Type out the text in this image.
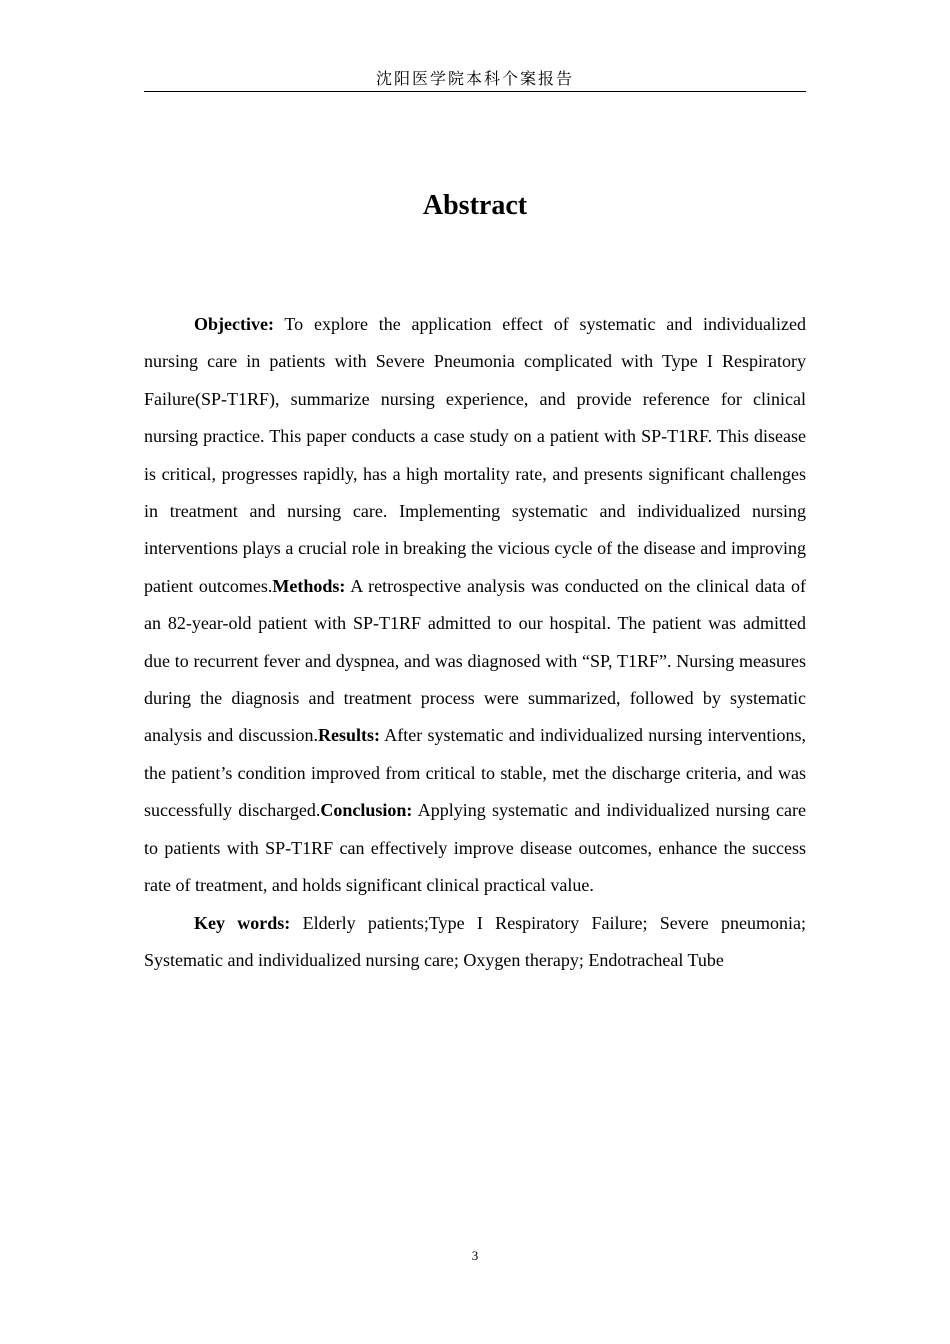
沈阳医学院本科个案报告
Abstract

Objective: To explore the application effect of systematic and individualized nursing care in patients with Severe Pneumonia complicated with Type I Respiratory Failure(SP-T1RF), summarize nursing experience, and provide reference for clinical nursing practice. This paper conducts a case study on a patient with SP-T1RF. This disease is critical, progresses rapidly, has a high mortality rate, and presents significant challenges in treatment and nursing care. Implementing systematic and individualized nursing interventions plays a crucial role in breaking the vicious cycle of the disease and improving patient outcomes.Methods: A retrospective analysis was conducted on the clinical data of an 82-year-old patient with SP-T1RF admitted to our hospital. The patient was admitted due to recurrent fever and dyspnea, and was diagnosed with “SP, T1RF”. Nursing measures during the diagnosis and treatment process were summarized, followed by systematic analysis and discussion.Results: After systematic and individualized nursing interventions, the patient’s condition improved from critical to stable, met the discharge criteria, and was successfully discharged.Conclusion: Applying systematic and individualized nursing care to patients with SP-T1RF can effectively improve disease outcomes, enhance the success rate of treatment, and holds significant clinical practical value.

Key words: Elderly patients;Type I Respiratory Failure; Severe pneumonia; Systematic and individualized nursing care; Oxygen therapy; Endotracheal Tube

3
